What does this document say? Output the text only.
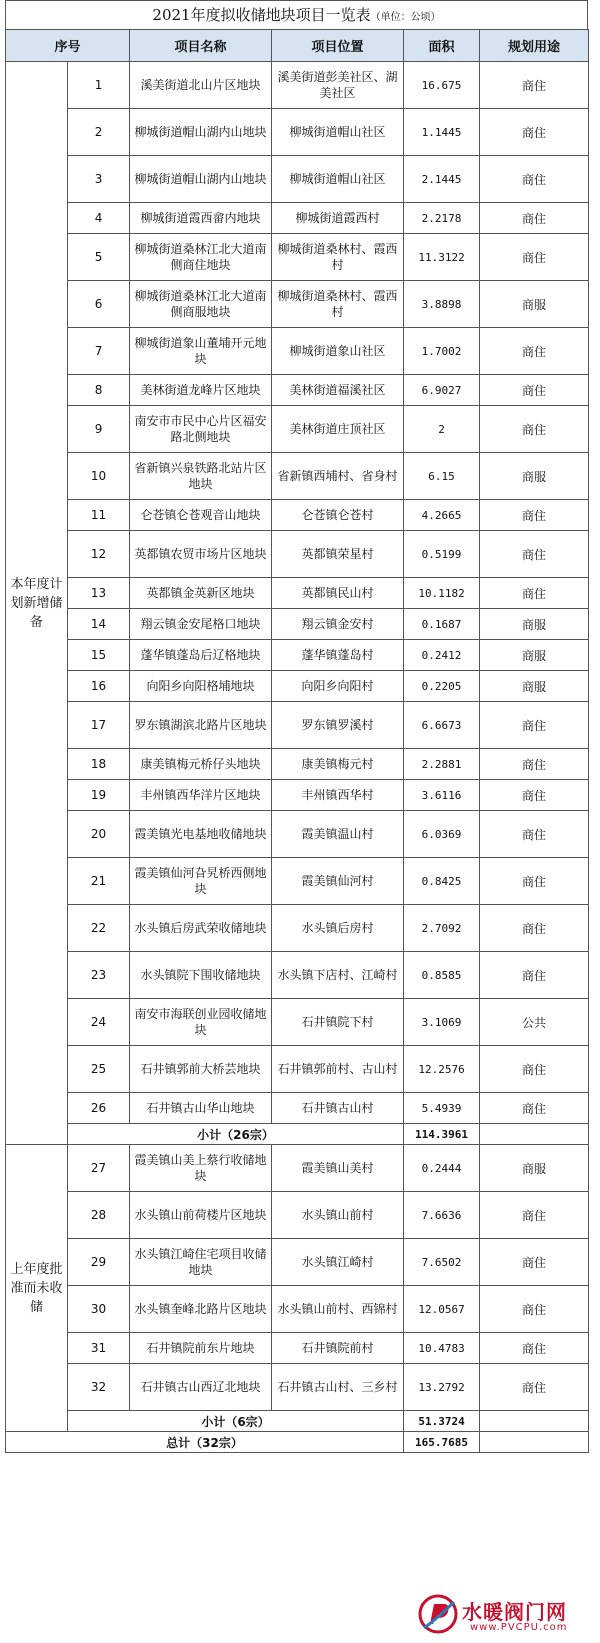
2021年度拟收储地块项目一览表（单位：公顷）
序号		项目名称	项目位置	面积	规划用途
本年度计划新增储备	1	溪美街道北山片区地块	溪美街道彭美社区、湖美社区	16.675	商住
	2	柳城街道帽山湖内山地块	柳城街道帽山社区	1.1445	商住
	3	柳城街道帽山湖内山地块	柳城街道帽山社区	2.1445	商住
	4	柳城街道霞西畲内地块	柳城街道霞西村	2.2178	商住
	5	柳城街道桑林江北大道南侧商住地块	柳城街道桑林村、霞西村	11.3122	商住
	6	柳城街道桑林江北大道南侧商服地块	柳城街道桑林村、霞西村	3.8898	商服
	7	柳城街道象山董埔开元地块	柳城街道象山社区	1.7002	商住
	8	美林街道龙峰片区地块	美林街道福溪社区	6.9027	商住
	9	南安市市民中心片区福安路北侧地块	美林街道庄顶社区	2	商住
	10	省新镇兴泉铁路北站片区地块	省新镇西埔村、省身村	6.15	商服
	11	仑苍镇仑苍观音山地块	仑苍镇仑苍村	4.2665	商住
	12	英都镇农贸市场片区地块	英都镇荣星村	0.5199	商住
	13	英都镇金英新区地块	英都镇民山村	10.1182	商住
	14	翔云镇金安尾格口地块	翔云镇金安村	0.1687	商服
	15	蓬华镇蓬岛后辽格地块	蓬华镇蓬岛村	0.2412	商服
	16	向阳乡向阳格埔地块	向阳乡向阳村	0.2205	商服
	17	罗东镇湖滨北路片区地块	罗东镇罗溪村	6.6673	商住
	18	康美镇梅元桥仔头地块	康美镇梅元村	2.2881	商住
	19	丰州镇西华洋片区地块	丰州镇西华村	3.6116	商住
	20	霞美镇光电基地收储地块	霞美镇温山村	6.0369	商住
	21	霞美镇仙河旮旯桥西侧地块	霞美镇仙河村	0.8425	商住
	22	水头镇后房武荣收储地块	水头镇后房村	2.7092	商住
	23	水头镇院下围收储地块	水头镇下店村、江崎村	0.8585	商住
	24	南安市海联创业园收储地块	石井镇院下村	3.1069	公共
	25	石井镇郭前大桥芸地块	石井镇郭前村、古山村	12.2576	商住
	26	石井镇古山华山地块	石井镇古山村	5.4939	商住
	小计（26宗）			114.3961	
上年度批准而未收储	27	霞美镇山美上蔡行收储地块	霞美镇山美村	0.2444	商服
	28	水头镇山前荷楼片区地块	水头镇山前村	7.6636	商住
	29	水头镇江崎住宅项目收储地块	水头镇江崎村	7.6502	商住
	30	水头镇奎峰北路片区地块	水头镇山前村、西锦村	12.0567	商住
	31	石井镇院前东片地块	石井镇院前村	10.4783	商住
	32	石井镇古山西辽北地块	石井镇古山村、三乡村	13.2792	商住
	小计（6宗）			51.3724	
总计（32宗）				165.7685	
水暖阀门网
www.PVCPU.com
